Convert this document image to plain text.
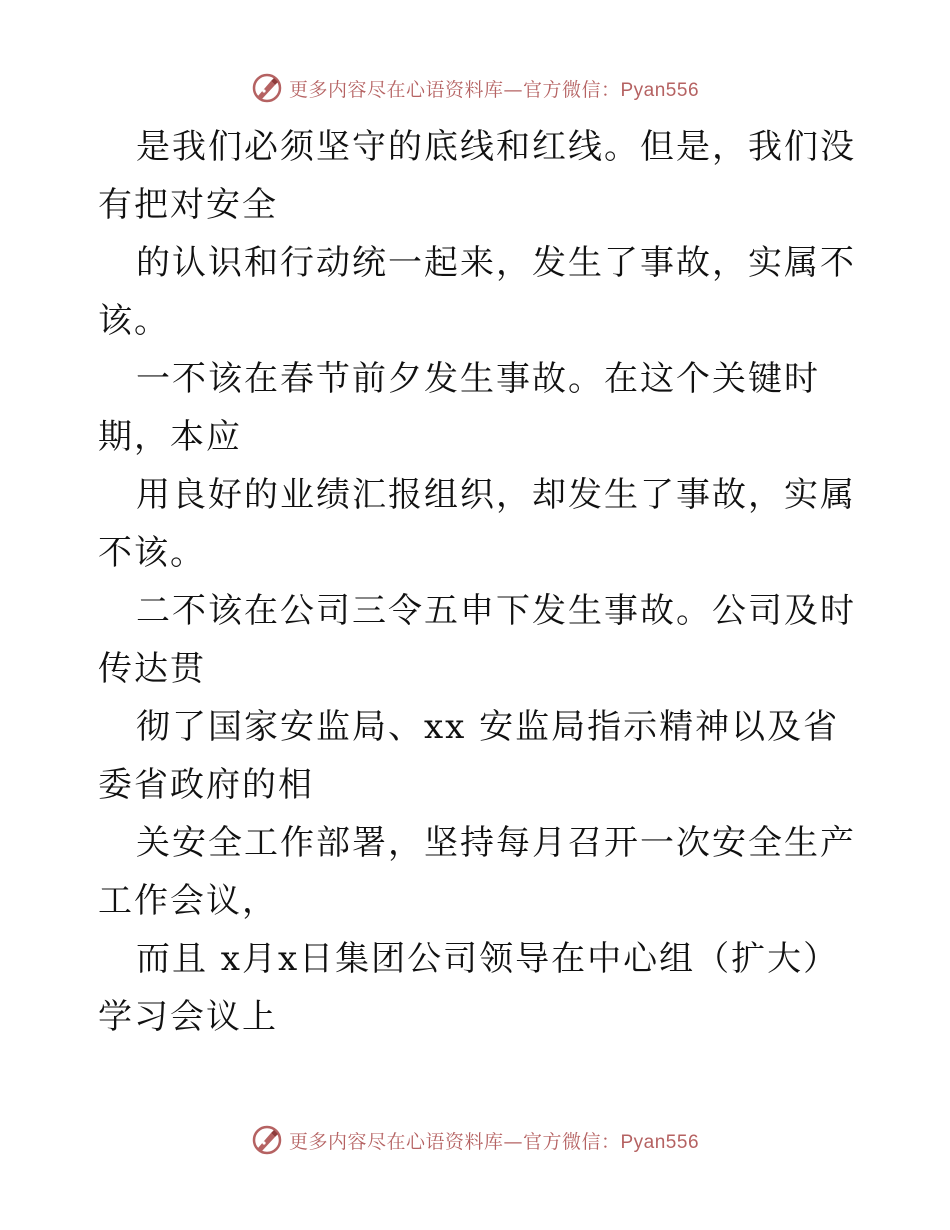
更多内容尽在心语资料库—官方微信：Pyan556

是我们必须坚守的底线和红线。但是，我们没有把对安全

的认识和行动统一起来，发生了事故，实属不该。

一不该在春节前夕发生事故。在这个关键时期，本应

用良好的业绩汇报组织，却发生了事故，实属不该。

二不该在公司三令五申下发生事故。公司及时传达贯

彻了国家安监局、xx 安监局指示精神以及省委省政府的相

关安全工作部署，坚持每月召开一次安全生产工作会议，

而且 x月x日集团公司领导在中心组（扩大）学习会议上

更多内容尽在心语资料库—官方微信：Pyan556
